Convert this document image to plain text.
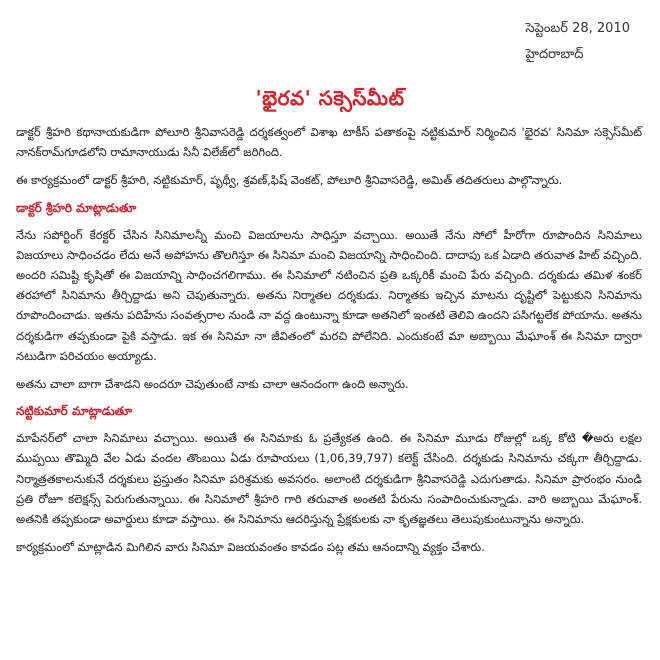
సెప్టెంబర్ 28, 2010
హైదరాబాద్
'భైరవ' సక్సెస్‌మీట్

డాక్టర్ శ్రీహరి కథానాయకుడిగా పోలూరి శ్రీనివాసరెడ్డి దర్శకత్వంలో విశాఖ టాకీస్ పతాకంపై నట్టికుమార్ నిర్మించిన 'భైరవ' సినిమా సక్సెస్‌మీట్ నానక్‌రామ్‌గూడలోని రామానాయుడు సినీ విలేజ్‌లో జరిగింది.

ఈ కార్యక్రమంలో డాక్టర్ శ్రీహరి, నట్టికుమార్, పృథ్వీ, శ్రవణ్,ఫిష్ వెంకట్, పోలూరి శ్రీనివాసరెడ్డి, అమిత్ తదితరులు పాల్గొన్నారు.

డాక్టర్ శ్రీహరి మాట్లాడుతూ

నేను సపోర్టింగ్ కేరక్టర్ చేసిన సినిమాలన్నీ మంచి విజయాలను సాధిస్తూ వచ్చాయి. అయితే నేను సోలో హీరోగా రూపొందిన సినిమాలు విజయాలు సాధించడం లేదు అనే అపోహను తొలగిస్తూ ఈ సినిమా మంచి విజయాన్ని సాధించింది. దాదాపు ఒక ఏడాది తరువాత హిట్ వచ్చింది. అందరి సమిష్టి కృషితో ఈ విజయాన్ని సాధించగలిగాము. ఈ సినిమాలో నటించిన ప్రతి ఒక్కరికీ మంచి పేరు వచ్చింది. దర్శకుడు తమిళ శంకర్ తరహాలో సినిమాను తీర్చిద్దాడు అని చెపుతున్నారు. అతను నిర్మాతల దర్శకుడు. నిర్మాతకు ఇచ్చిన మాటను దృష్టిలో పెట్టుకుని సినిమాను రూపొందించాడు. ఇతను పదిహేను సంవత్సరాల నుండి నా వద్ద ఉంటున్నా కూడా అతనిలో ఇంతటి తెలివి ఉందని పసిగట్టలేక పోయాను. అతను దర్శకుడిగా తప్పకుండా పైకి వస్తాడు. ఇక ఈ సినిమా నా జీవితంలో మరచి పోలేనిది. ఎందుకంటే మా అబ్బాయి మేఘాంశ్ ఈ సినిమా ద్వారా నటుడిగా పరిచయం అయ్యాడు.

అతను చాలా బాగా చేశాడని అందరూ చెపుతుంటే నాకు చాలా ఆనందంగా ఉంది అన్నారు.

నట్టికుమార్ మాట్లాడుతూ

మాపేనర్‌లో చాలా సినిమాలు వచ్చాయి. అయితే ఈ సినిమాకు ఓ ప్రత్యేకత ఉంది. ఈ సినిమా మూడు రోజుల్లో ఒక్క కోటి �అరు లక్షల ముప్పయి తొమ్మిది వేల ఏడు వందల తొంబయి ఏడు రూపాయలు (1,06,39,797) కలెక్ట్ చేసింది. దర్శకుడు సినిమాను చక్కగా తీర్చిద్దాడు. నిర్మాత్రతకాలనుకునే దర్శకులు ప్రస్తుతం సినిమా పరిశ్రమకు అవసరం. అలాంటి దర్శకుడిగా శ్రీనివాసరెడ్డి ఎదుగుతాడు. సినిమా ప్రారంభం నుండి ప్రతి రోజూ కలెక్షన్స్ పెరుగుతున్నాయి. ఈ సినిమాలో శ్రీహరి గారి తరువాత అంతటి పేరును సంపాదించుకున్నాడు. వారి అబ్బాయి మేఘాంశ్. అతనికి తప్పకుండా అవార్డులు కూడా వస్తాయి. ఈ సినిమాను ఆదరిస్తున్న ప్రేక్షకులకు నా కృతజ్ఞతలు తెలుపుకుంటున్నాను అన్నారు.

కార్యక్రమంలో మాట్లాడిన మిగిలిన వారు సినిమా విజయవంతం కావడం పట్ల తమ ఆనందాన్ని వ్యక్తం చేశారు.
